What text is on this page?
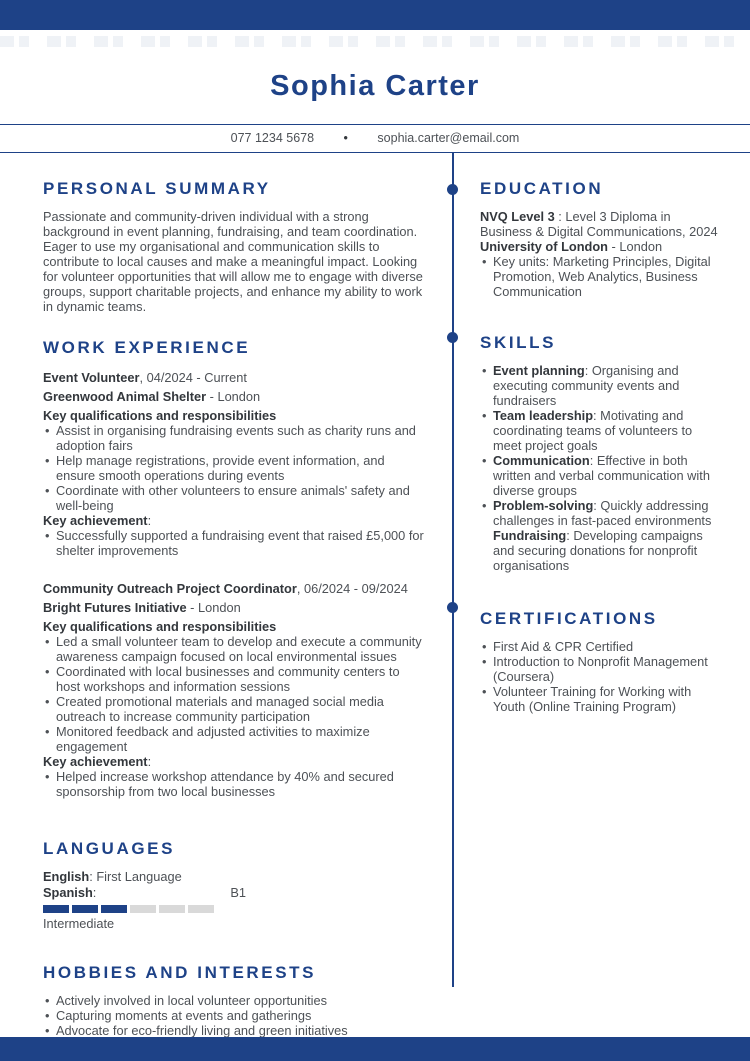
Sophia Carter
077 1234 5678 • sophia.carter@email.com
PERSONAL SUMMARY
Passionate and community-driven individual with a strong background in event planning, fundraising, and team coordination. Eager to use my organisational and communication skills to contribute to local causes and make a meaningful impact. Looking for volunteer opportunities that will allow me to engage with diverse groups, support charitable projects, and enhance my ability to work in dynamic teams.
WORK EXPERIENCE
Event Volunteer, 04/2024 - Current
Greenwood Animal Shelter - London
Key qualifications and responsibilities
• Assist in organising fundraising events such as charity runs and adoption fairs
• Help manage registrations, provide event information, and ensure smooth operations during events
• Coordinate with other volunteers to ensure animals' safety and well-being
Key achievement:
• Successfully supported a fundraising event that raised £5,000 for shelter improvements
Community Outreach Project Coordinator, 06/2024 - 09/2024
Bright Futures Initiative - London
Key qualifications and responsibilities
• Led a small volunteer team to develop and execute a community awareness campaign focused on local environmental issues
• Coordinated with local businesses and community centers to host workshops and information sessions
• Created promotional materials and managed social media outreach to increase community participation
• Monitored feedback and adjusted activities to maximize engagement
Key achievement:
• Helped increase workshop attendance by 40% and secured sponsorship from two local businesses
LANGUAGES
English: First Language
Spanish:	B1
Intermediate
HOBBIES AND INTERESTS
• Actively involved in local volunteer opportunities
• Capturing moments at events and gatherings
• Advocate for eco-friendly living and green initiatives
EDUCATION
NVQ Level 3 : Level 3 Diploma in Business & Digital Communications, 2024
University of London - London
• Key units: Marketing Principles, Digital Promotion, Web Analytics, Business Communication
SKILLS
• Event planning: Organising and executing community events and fundraisers
• Team leadership: Motivating and coordinating teams of volunteers to meet project goals
• Communication: Effective in both written and verbal communication with diverse groups
• Problem-solving: Quickly addressing challenges in fast-paced environments
Fundraising: Developing campaigns and securing donations for nonprofit organisations
CERTIFICATIONS
• First Aid & CPR Certified
• Introduction to Nonprofit Management (Coursera)
• Volunteer Training for Working with Youth (Online Training Program)
